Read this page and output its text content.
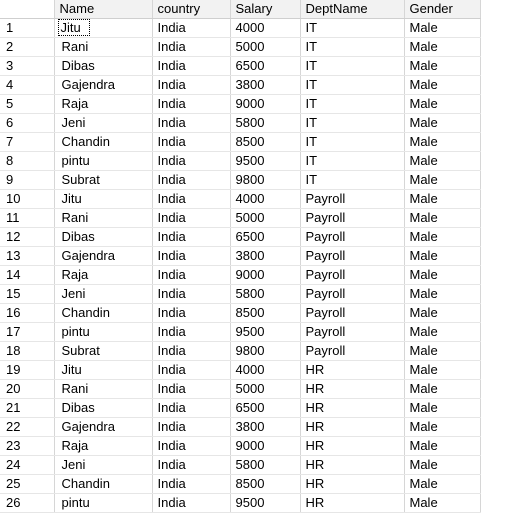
	Name	country	Salary	DeptName	Gender
1	Jitu	India	4000	IT	Male
2	Rani	India	5000	IT	Male
3	Dibas	India	6500	IT	Male
4	Gajendra	India	3800	IT	Male
5	Raja	India	9000	IT	Male
6	Jeni	India	5800	IT	Male
7	Chandin	India	8500	IT	Male
8	pintu	India	9500	IT	Male
9	Subrat	India	9800	IT	Male
10	Jitu	India	4000	Payroll	Male
11	Rani	India	5000	Payroll	Male
12	Dibas	India	6500	Payroll	Male
13	Gajendra	India	3800	Payroll	Male
14	Raja	India	9000	Payroll	Male
15	Jeni	India	5800	Payroll	Male
16	Chandin	India	8500	Payroll	Male
17	pintu	India	9500	Payroll	Male
18	Subrat	India	9800	Payroll	Male
19	Jitu	India	4000	HR	Male
20	Rani	India	5000	HR	Male
21	Dibas	India	6500	HR	Male
22	Gajendra	India	3800	HR	Male
23	Raja	India	9000	HR	Male
24	Jeni	India	5800	HR	Male
25	Chandin	India	8500	HR	Male
26	pintu	India	9500	HR	Male
